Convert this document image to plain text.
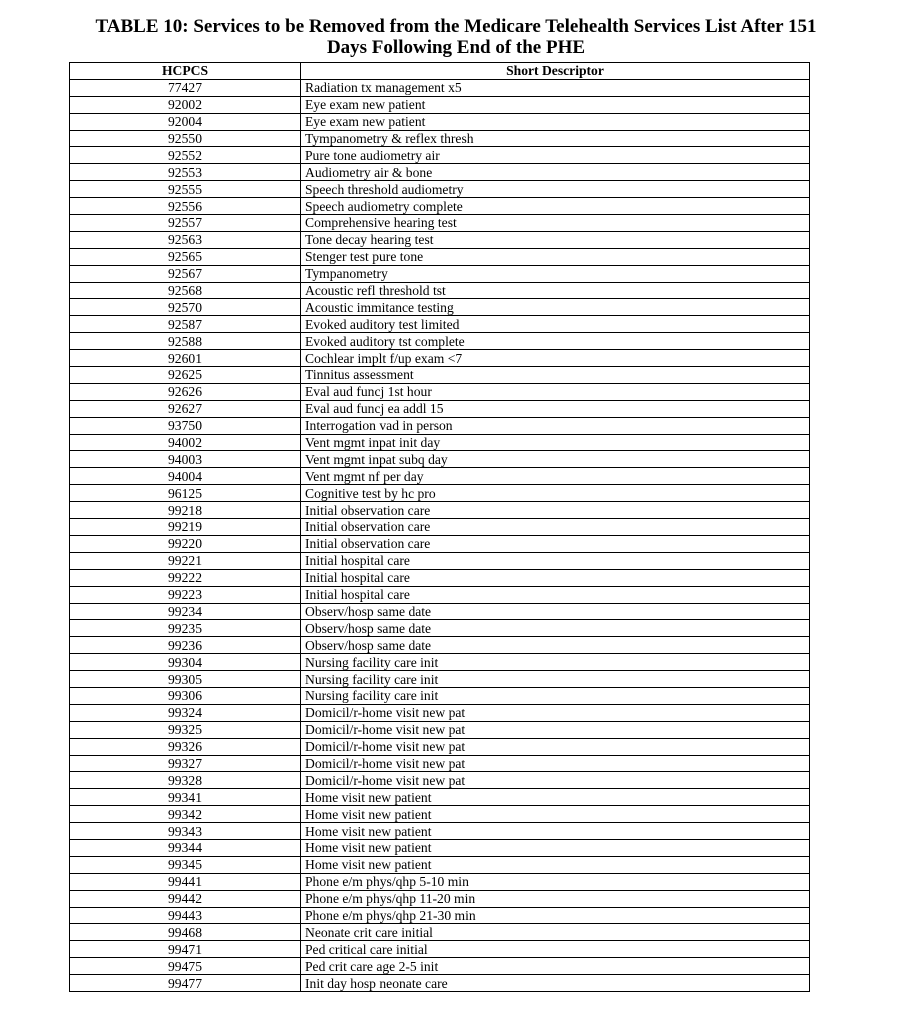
TABLE 10: Services to be Removed from the Medicare Telehealth Services List After 151
Days Following End of the PHE
HCPCS	Short Descriptor
77427	Radiation tx management x5
92002	Eye exam new patient
92004	Eye exam new patient
92550	Tympanometry & reflex thresh
92552	Pure tone audiometry air
92553	Audiometry air & bone
92555	Speech threshold audiometry
92556	Speech audiometry complete
92557	Comprehensive hearing test
92563	Tone decay hearing test
92565	Stenger test pure tone
92567	Tympanometry
92568	Acoustic refl threshold tst
92570	Acoustic immitance testing
92587	Evoked auditory test limited
92588	Evoked auditory tst complete
92601	Cochlear implt f/up exam <7
92625	Tinnitus assessment
92626	Eval aud funcj 1st hour
92627	Eval aud funcj ea addl 15
93750	Interrogation vad in person
94002	Vent mgmt inpat init day
94003	Vent mgmt inpat subq day
94004	Vent mgmt nf per day
96125	Cognitive test by hc pro
99218	Initial observation care
99219	Initial observation care
99220	Initial observation care
99221	Initial hospital care
99222	Initial hospital care
99223	Initial hospital care
99234	Observ/hosp same date
99235	Observ/hosp same date
99236	Observ/hosp same date
99304	Nursing facility care init
99305	Nursing facility care init
99306	Nursing facility care init
99324	Domicil/r-home visit new pat
99325	Domicil/r-home visit new pat
99326	Domicil/r-home visit new pat
99327	Domicil/r-home visit new pat
99328	Domicil/r-home visit new pat
99341	Home visit new patient
99342	Home visit new patient
99343	Home visit new patient
99344	Home visit new patient
99345	Home visit new patient
99441	Phone e/m phys/qhp 5-10 min
99442	Phone e/m phys/qhp 11-20 min
99443	Phone e/m phys/qhp 21-30 min
99468	Neonate crit care initial
99471	Ped critical care initial
99475	Ped crit care age 2-5 init
99477	Init day hosp neonate care
